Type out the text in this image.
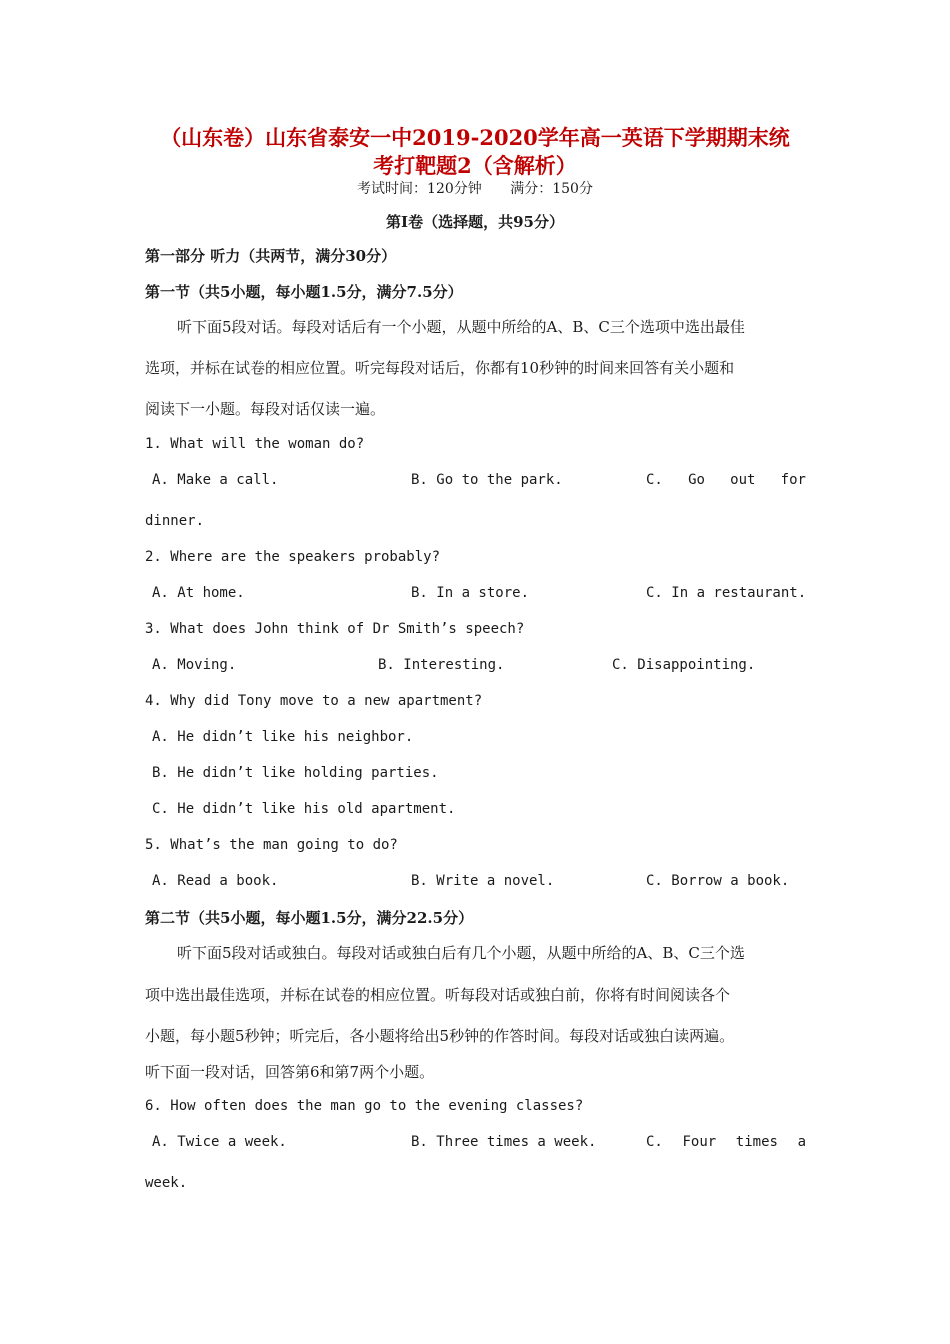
（山东卷）山东省泰安一中2019-2020学年高一英语下学期期末统
考打靶题2（含解析）
考试时间：120分钟 满分：150分
第Ⅰ卷（选择题，共95分）
第一部分 听力（共两节，满分30分）
第一节（共5小题，每小题1.5分，满分7.5分）
听下面5段对话。每段对话后有一个小题，从题中所给的A、B、C三个选项中选出最佳
选项，并标在试卷的相应位置。听完每段对话后，你都有10秒钟的时间来回答有关小题和
阅读下一小题。每段对话仅读一遍。
1. What will the woman do?
A. Make a call.	B. Go to the park.	C. Go out for
dinner.
2. Where are the speakers probably?
A. At home.	B. In a store.	C. In a restaurant.
3. What does John think of Dr Smith’s speech?
A. Moving.	B. Interesting.	C. Disappointing.
4. Why did Tony move to a new apartment?
A. He didn’t like his neighbor.
B. He didn’t like holding parties.
C. He didn’t like his old apartment.
5. What’s the man going to do?
A. Read a book.	B. Write a novel.	C. Borrow a book.
第二节（共5小题，每小题1.5分，满分22.5分）
听下面5段对话或独白。每段对话或独白后有几个小题，从题中所给的A、B、C三个选
项中选出最佳选项，并标在试卷的相应位置。听每段对话或独白前，你将有时间阅读各个
小题，每小题5秒钟；听完后，各小题将给出5秒钟的作答时间。每段对话或独白读两遍。
听下面一段对话，回答第6和第7两个小题。
6. How often does the man go to the evening classes?
A. Twice a week.	B. Three times a week.	C. Four times a
week.
